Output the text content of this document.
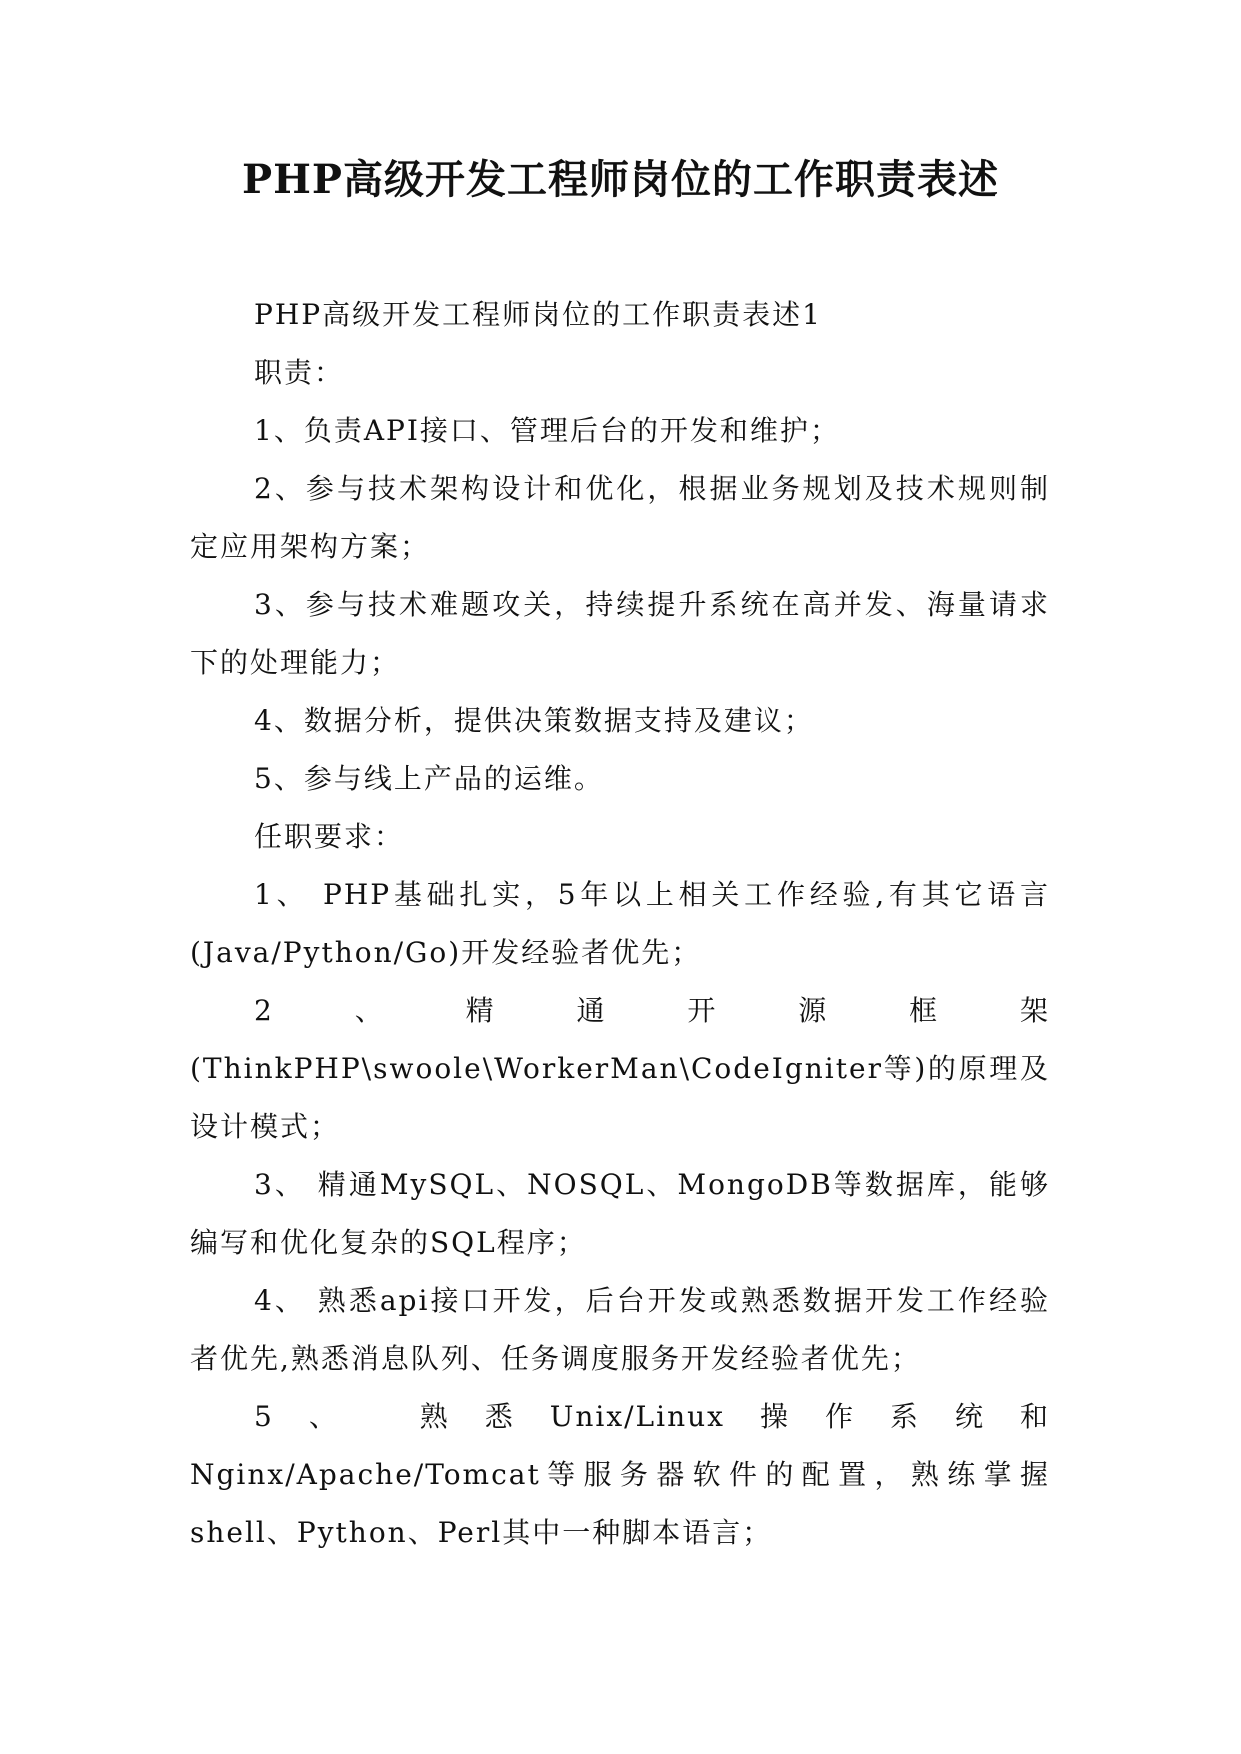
PHP高级开发工程师岗位的工作职责表述

PHP高级开发工程师岗位的工作职责表述1

职责：

1、负责API接口、管理后台的开发和维护；

2、参与技术架构设计和优化，根据业务规划及技术规则制定应用架构方案；

3、参与技术难题攻关，持续提升系统在高并发、海量请求下的处理能力；

4、数据分析，提供决策数据支持及建议；

5、参与线上产品的运维。

任职要求：

1、 PHP基础扎实，5年以上相关工作经验,有其它语言(Java/Python/Go)开发经验者优先；

2、精通开源框架(ThinkPHP\swoole\WorkerMan\CodeIgniter等)的原理及设计模式；

3、 精通MySQL、NOSQL、MongoDB等数据库，能够编写和优化复杂的SQL程序；

4、 熟悉api接口开发，后台开发或熟悉数据开发工作经验者优先,熟悉消息队列、任务调度服务开发经验者优先；

5、 熟悉Unix/Linux操作系统和Nginx/Apache/Tomcat等服务器软件的配置，熟练掌握shell、Python、Perl其中一种脚本语言；
